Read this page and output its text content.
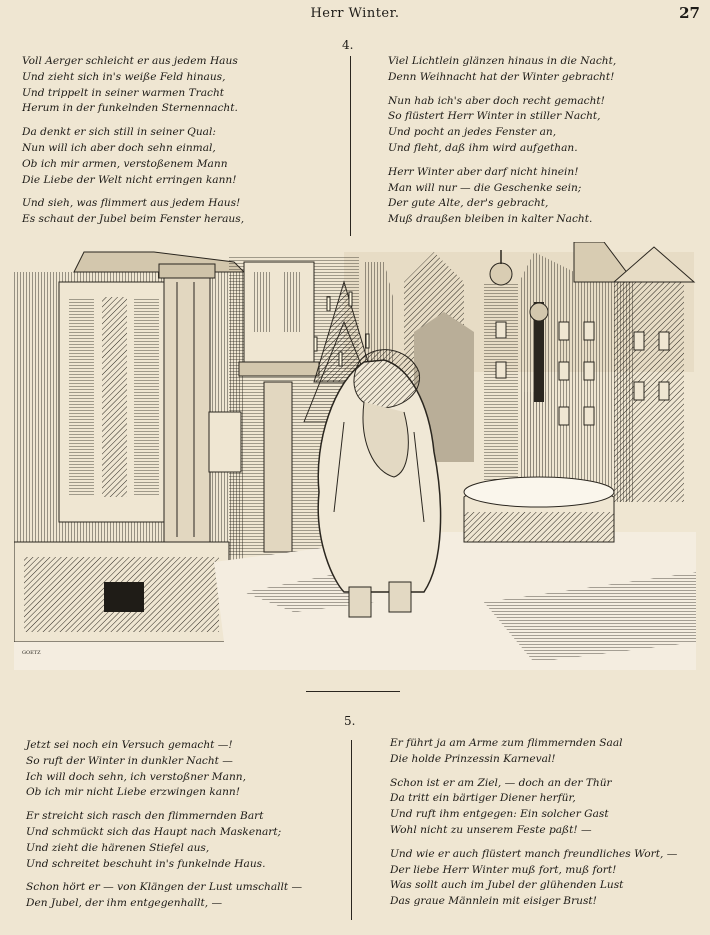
Herr Winter.	27
4.

Voll Aerger schleicht er aus jedem Haus
Und zieht sich in's weiße Feld hinaus,
Und trippelt in seiner warmen Tracht
Herum in der funkelnden Sternennacht.

Da denkt er sich still in seiner Qual:
Nun will ich aber doch sehn einmal,
Ob ich mir armen, verstoßenem Mann
Die Liebe der Welt nicht erringen kann!

Und sieh, was flimmert aus jedem Haus!
Es schaut der Jubel beim Fenster heraus,

Viel Lichtlein glänzen hinaus in die Nacht,
Denn Weihnacht hat der Winter gebracht!

Nun hab ich's aber doch recht gemacht!
So flüstert Herr Winter in stiller Nacht,
Und pocht an jedes Fenster an,
Und fleht, daß ihm wird aufgethan.

Herr Winter aber darf nicht hinein!
Man will nur — die Geschenke sein;
Der gute Alte, der's gebracht,
Muß draußen bleiben in kalter Nacht.

GOETZ
5.

Jetzt sei noch ein Versuch gemacht —!
So ruft der Winter in dunkler Nacht —
Ich will doch sehn, ich verstoßner Mann,
Ob ich mir nicht Liebe erzwingen kann!

Er streicht sich rasch den flimmernden Bart
Und schmückt sich das Haupt nach Maskenart;
Und zieht die härenen Stiefel aus,
Und schreitet beschuht in's funkelnde Haus.

Schon hört er — von Klängen der Lust umschallt —
Den Jubel, der ihm entgegenhallt, —

Er führt ja am Arme zum flimmernden Saal
Die holde Prinzessin Karneval!

Schon ist er am Ziel, — doch an der Thür
Da tritt ein bärtiger Diener herfür,
Und ruft ihm entgegen: Ein solcher Gast
Wohl nicht zu unserem Feste paßt! —

Und wie er auch flüstert manch freundliches Wort, —
Der liebe Herr Winter muß fort, muß fort!
Was sollt auch im Jubel der glühenden Lust
Das graue Männlein mit eisiger Brust!
